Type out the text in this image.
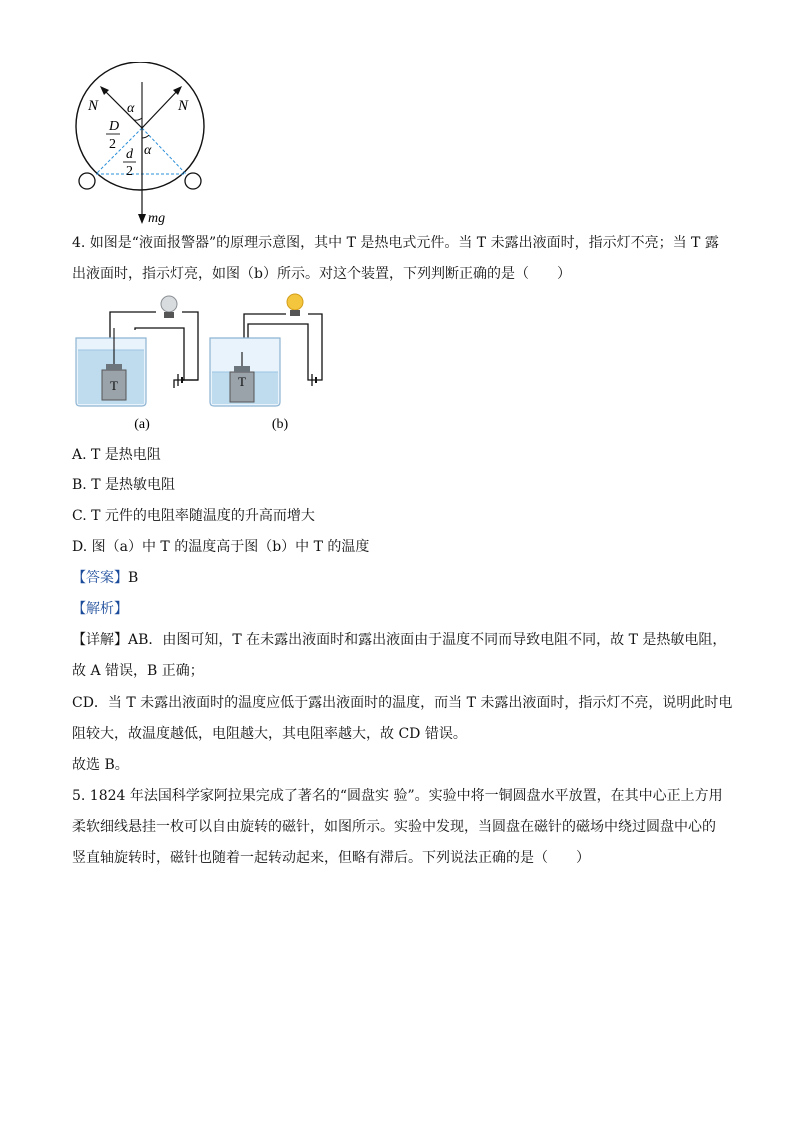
N	N
α
α
D
2
d
2
mg
4. 如图是“液面报警器”的原理示意图，其中 T 是热电式元件。当 T 未露出液面时，指示灯不亮；当 T 露
出液面时，指示灯亮，如图（b）所示。对这个装置，下列判断正确的是（　　）
T
(a)
T
(b)
A. T 是热电阻
B. T 是热敏电阻
C. T 元件的电阻率随温度的升高而增大
D. 图（a）中 T 的温度高于图（b）中 T 的温度
【答案】B
【解析】
【详解】AB．由图可知，T 在未露出液面时和露出液面由于温度不同而导致电阻不同，故 T 是热敏电阻，
故 A 错误，B 正确；
CD．当 T 未露出液面时的温度应低于露出液面时的温度，而当 T 未露出液面时，指示灯不亮，说明此时电
阻较大，故温度越低，电阻越大，其电阻率越大，故 CD 错误。
故选 B。
5. 1824 年法国科学家阿拉果完成了著名的“圆盘实 验”。实验中将一铜圆盘水平放置，在其中心正上方用
柔软细线悬挂一枚可以自由旋转的磁针，如图所示。实验中发现，当圆盘在磁针的磁场中绕过圆盘中心的
竖直轴旋转时，磁针也随着一起转动起来，但略有滞后。下列说法正确的是（　　）
